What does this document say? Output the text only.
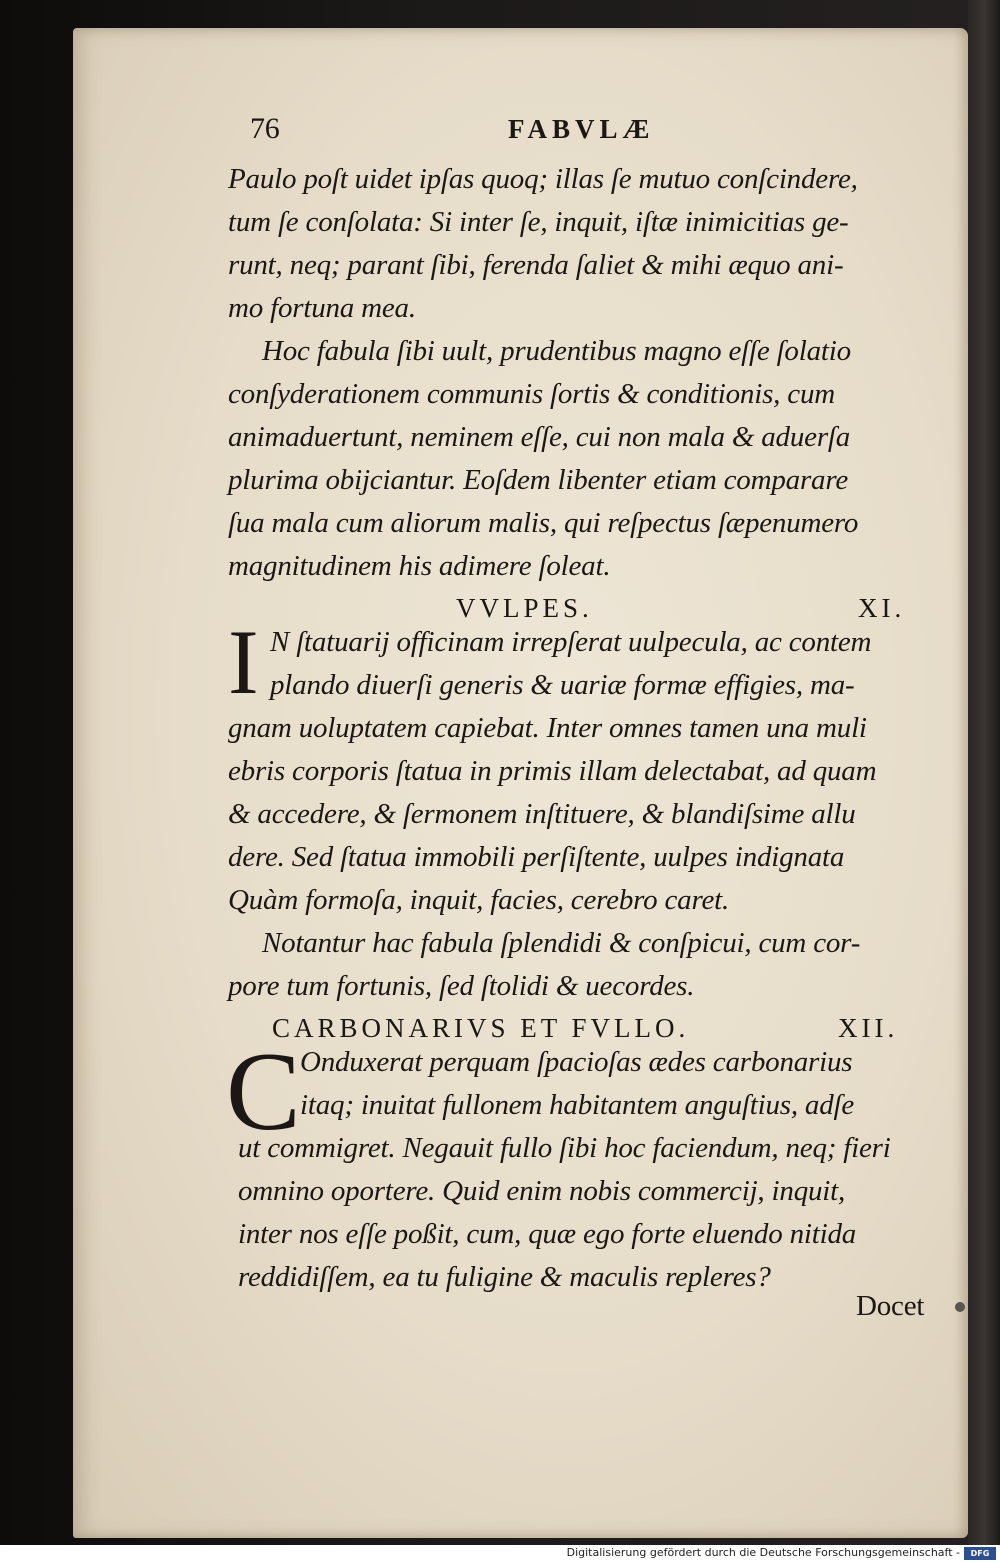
76	FABVLÆ
Paulo poſt uidet ipſas quoq; illas ſe mutuo conſcindere,
tum ſe conſolata: Si inter ſe, inquit, iſtæ inimicitias ge-
runt, neq; parant ſibi, ferenda ſaliet & mihi æquo ani-
mo fortuna mea.
Hoc fabula ſibi uult, prudentibus magno eſſe ſolatio
conſyderationem communis ſortis & conditionis, cum
animaduertunt, neminem eſſe, cui non mala & aduerſa
plurima obijciantur. Eoſdem libenter etiam comparare
ſua mala cum aliorum malis, qui reſpectus ſæpenumero
magnitudinem his adimere ſoleat.
VVLPES.	XI.
I N ſtatuarij officinam irrepſerat uulpecula, ac contem
plando diuerſi generis & uariæ formæ effigies, ma-
gnam uoluptatem capiebat. Inter omnes tamen una muli
ebris corporis ſtatua in primis illam delectabat, ad quam
& accedere, & ſermonem inſtituere, & blandiſsime allu
dere. Sed ſtatua immobili perſiſtente, uulpes indignata
Quàm formoſa, inquit, facies, cerebro caret.
Notantur hac fabula ſplendidi & conſpicui, cum cor-
pore tum fortunis, ſed ſtolidi & uecordes.
CARBONARIVS ET FVLLO.	XII.
C Onduxerat perquam ſpacioſas ædes carbonarius
itaq; inuitat fullonem habitantem anguſtius, adſe
ut commigret. Negauit fullo ſibi hoc faciendum, neq; fieri
omnino oportere. Quid enim nobis commercij, inquit,
inter nos eſſe poßit, cum, quæ ego forte eluendo nitida
reddidiſſem, ea tu fuligine & maculis repleres?
Docet
Digitalisierung gefördert durch die Deutsche Forschungsgemeinschaft -	DFG
